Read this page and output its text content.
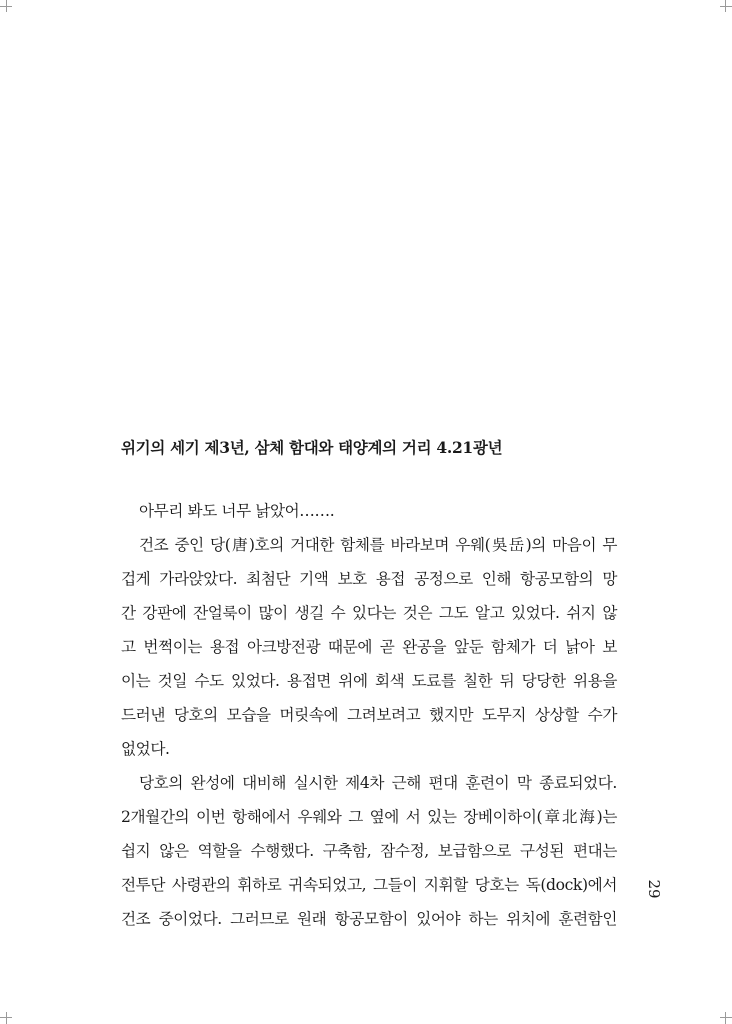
위기의 세기 제3년, 삼체 함대와 태양계의 거리 4.21광년
아무리 봐도 너무 낡았어…….
건조 중인 당(唐)호의 거대한 함체를 바라보며 우웨(吳岳)의 마음이 무
겁게 가라앉았다. 최첨단 기액 보호 용접 공정으로 인해 항공모함의 망
간 강판에 잔얼룩이 많이 생길 수 있다는 것은 그도 알고 있었다. 쉬지 않
고 번쩍이는 용접 아크방전광 때문에 곧 완공을 앞둔 함체가 더 낡아 보
이는 것일 수도 있었다. 용접면 위에 회색 도료를 칠한 뒤 당당한 위용을
드러낸 당호의 모습을 머릿속에 그려보려고 했지만 도무지 상상할 수가
없었다.
당호의 완성에 대비해 실시한 제4차 근해 편대 훈련이 막 종료되었다.
2개월간의 이번 항해에서 우웨와 그 옆에 서 있는 장베이하이(章北海)는
쉽지 않은 역할을 수행했다. 구축함, 잠수정, 보급함으로 구성된 편대는
전투단 사령관의 휘하로 귀속되었고, 그들이 지휘할 당호는 독(dock)에서
건조 중이었다. 그러므로 원래 항공모함이 있어야 하는 위치에 훈련함인
29
